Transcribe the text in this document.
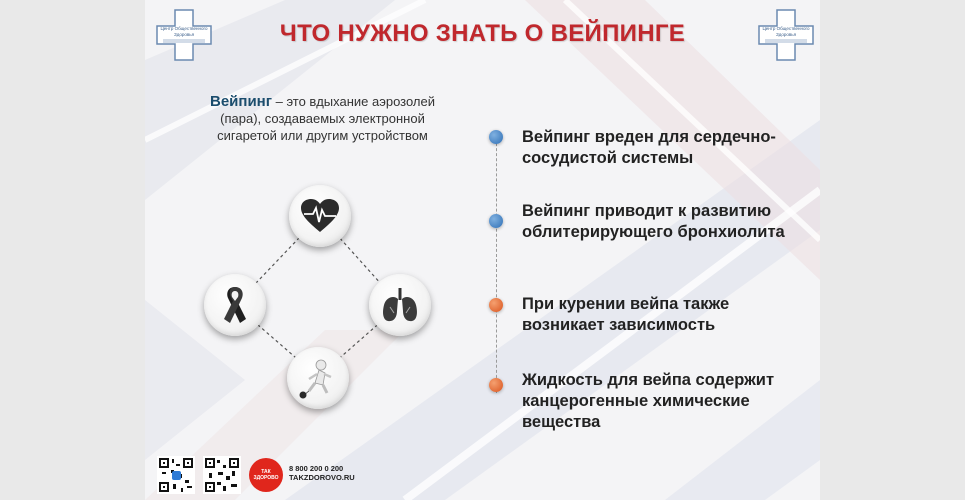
Центр Общественного
Здоровья
Центр Общественного
Здоровья
ЧТО НУЖНО ЗНАТЬ О ВЕЙПИНГЕ
Вейпинг – это вдыхание аэрозолей (пара), создаваемых электронной сигаретой или другим устройством	Вейпинг вреден для сердечно-сосудистой системы
Вейпинг приводит к развитию облитерирующего бронхиолита
При курении вейпа также возникает зависимость
Жидкость для вейпа содержит канцерогенные химические вещества
ТАК ЗДОРОВО
8 800 200 0 200
TAKZDOROVO.RU
